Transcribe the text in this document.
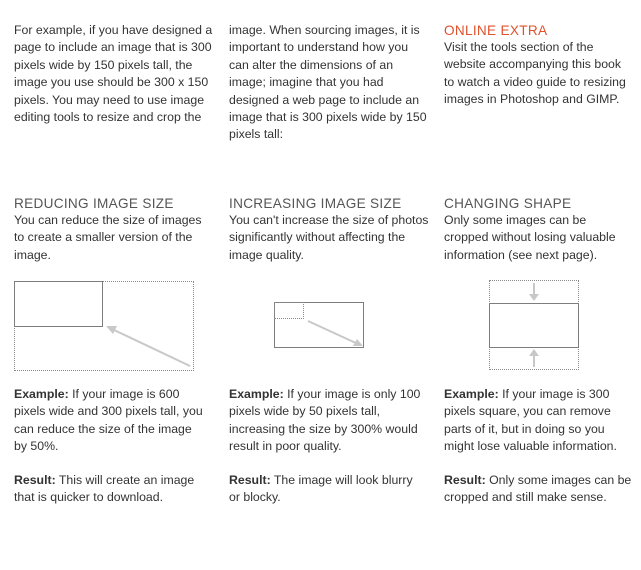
For example, if you have designed a page to include an image that is 300 pixels wide by 150 pixels tall, the image you use should be 300 x 150 pixels. You may need to use image editing tools to resize and crop the

image. When sourcing images, it is important to understand how you can alter the dimensions of an image; imagine that you had designed a web page to include an image that is 300 pixels wide by 150 pixels tall:

ONLINE EXTRA

Visit the tools section of the website accompanying this book to watch a video guide to resizing images in Photoshop and GIMP.

REDUCING IMAGE SIZE

You can reduce the size of images to create a smaller version of the image.

Example: If your image is 600 pixels wide and 300 pixels tall, you can reduce the size of the image by 50%.

Result: This will create an image that is quicker to download.

INCREASING IMAGE SIZE

You can't increase the size of photos significantly without affecting the image quality.

Example: If your image is only 100 pixels wide by 50 pixels tall, increasing the size by 300% would result in poor quality.

Result: The image will look blurry or blocky.

CHANGING SHAPE

Only some images can be cropped without losing valuable information (see next page).

Example: If your image is 300 pixels square, you can remove parts of it, but in doing so you might lose valuable information.

Result: Only some images can be cropped and still make sense.
